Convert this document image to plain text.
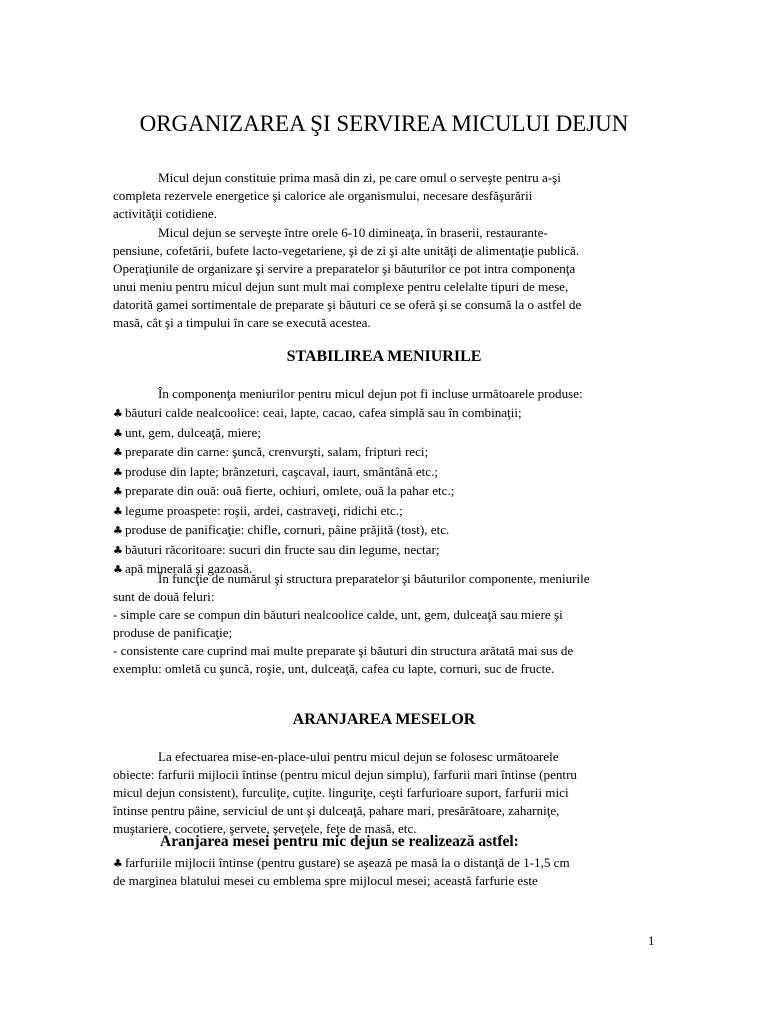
ORGANIZAREA ŞI SERVIREA MICULUI DEJUN
Micul dejun constituie prima masă din zi, pe care omul o serveşte pentru a-şi
completa rezervele energetice şi calorice ale organismului, necesare desfăşurării
activităţii cotidiene.
Micul dejun se serveşte între orele 6-10 dimineaţa, în braserii, restaurante-
pensiune, cofetării, bufete lacto-vegetariene, şi de zi şi alte unităţi de alimentaţie publică.
Operaţiunile de organizare şi servire a preparatelor şi băuturilor ce pot intra componenţa
unui meniu pentru micul dejun sunt mult mai complexe pentru celelalte tipuri de mese,
datorită gamei sortimentale de preparate şi băuturi ce se oferă şi se consumă la o astfel de
masă, cât şi a timpului în care se execută acestea.
STABILIREA MENIURILE
În componenţa meniurilor pentru micul dejun pot fi incluse următoarele produse:
♣ băuturi calde nealcoolice: ceai, lapte, cacao, cafea simplă sau în combinaţii;
♣ unt, gem, dulceaţă, miere;
♣ preparate din carne: şuncă, crenvurşti, salam, fripturi reci;
♣ produse din lapte; brânzeturi, caşcaval, iaurt, smântână etc.;
♣ preparate din ouă: ouă fierte, ochiuri, omlete, ouă la pahar etc.;
♣ legume proaspete: roşii, ardei, castraveţi, ridichi etc.;
♣ produse de panificaţie: chifle, cornuri, pâine prăjită (tost), etc.
♣ băuturi răcoritoare: sucuri din fructe sau din legume, nectar;
♣ apă minerală şi gazoasă.
În funcţie de numărul şi structura preparatelor şi băuturilor componente, meniurile
sunt de două feluri:
- simple care se compun din băuturi nealcoolice calde, unt, gem, dulceaţă sau miere şi
produse de panificaţie;
- consistente care cuprind mai multe preparate şi băuturi din structura arătată mai sus de
exemplu: omletă cu şuncă, roşie, unt, dulceaţă, cafea cu lapte, cornuri, suc de fructe.
ARANJAREA MESELOR
La efectuarea mise-en-place-ului pentru micul dejun se folosesc următoarele
obiecte: farfurii mijlocii întinse (pentru micul dejun simplu), farfurii mari întinse (pentru
micul dejun consistent), furculiţe, cuţite. linguriţe, ceşti farfurioare suport, farfurii mici
întinse pentru pâine, serviciul de unt şi dulceaţă, pahare mari, presărătoare, zaharniţe,
muştariere, cocotiere, şervete, şerveţele, feţe de masă, etc.
Aranjarea mesei pentru mic dejun se realizează astfel:
♣ farfuriile mijlocii întinse (pentru gustare) se aşează pe masă la o distanţă de 1-1,5 cm
de marginea blatului mesei cu emblema spre mijlocul mesei; această farfurie este
1
